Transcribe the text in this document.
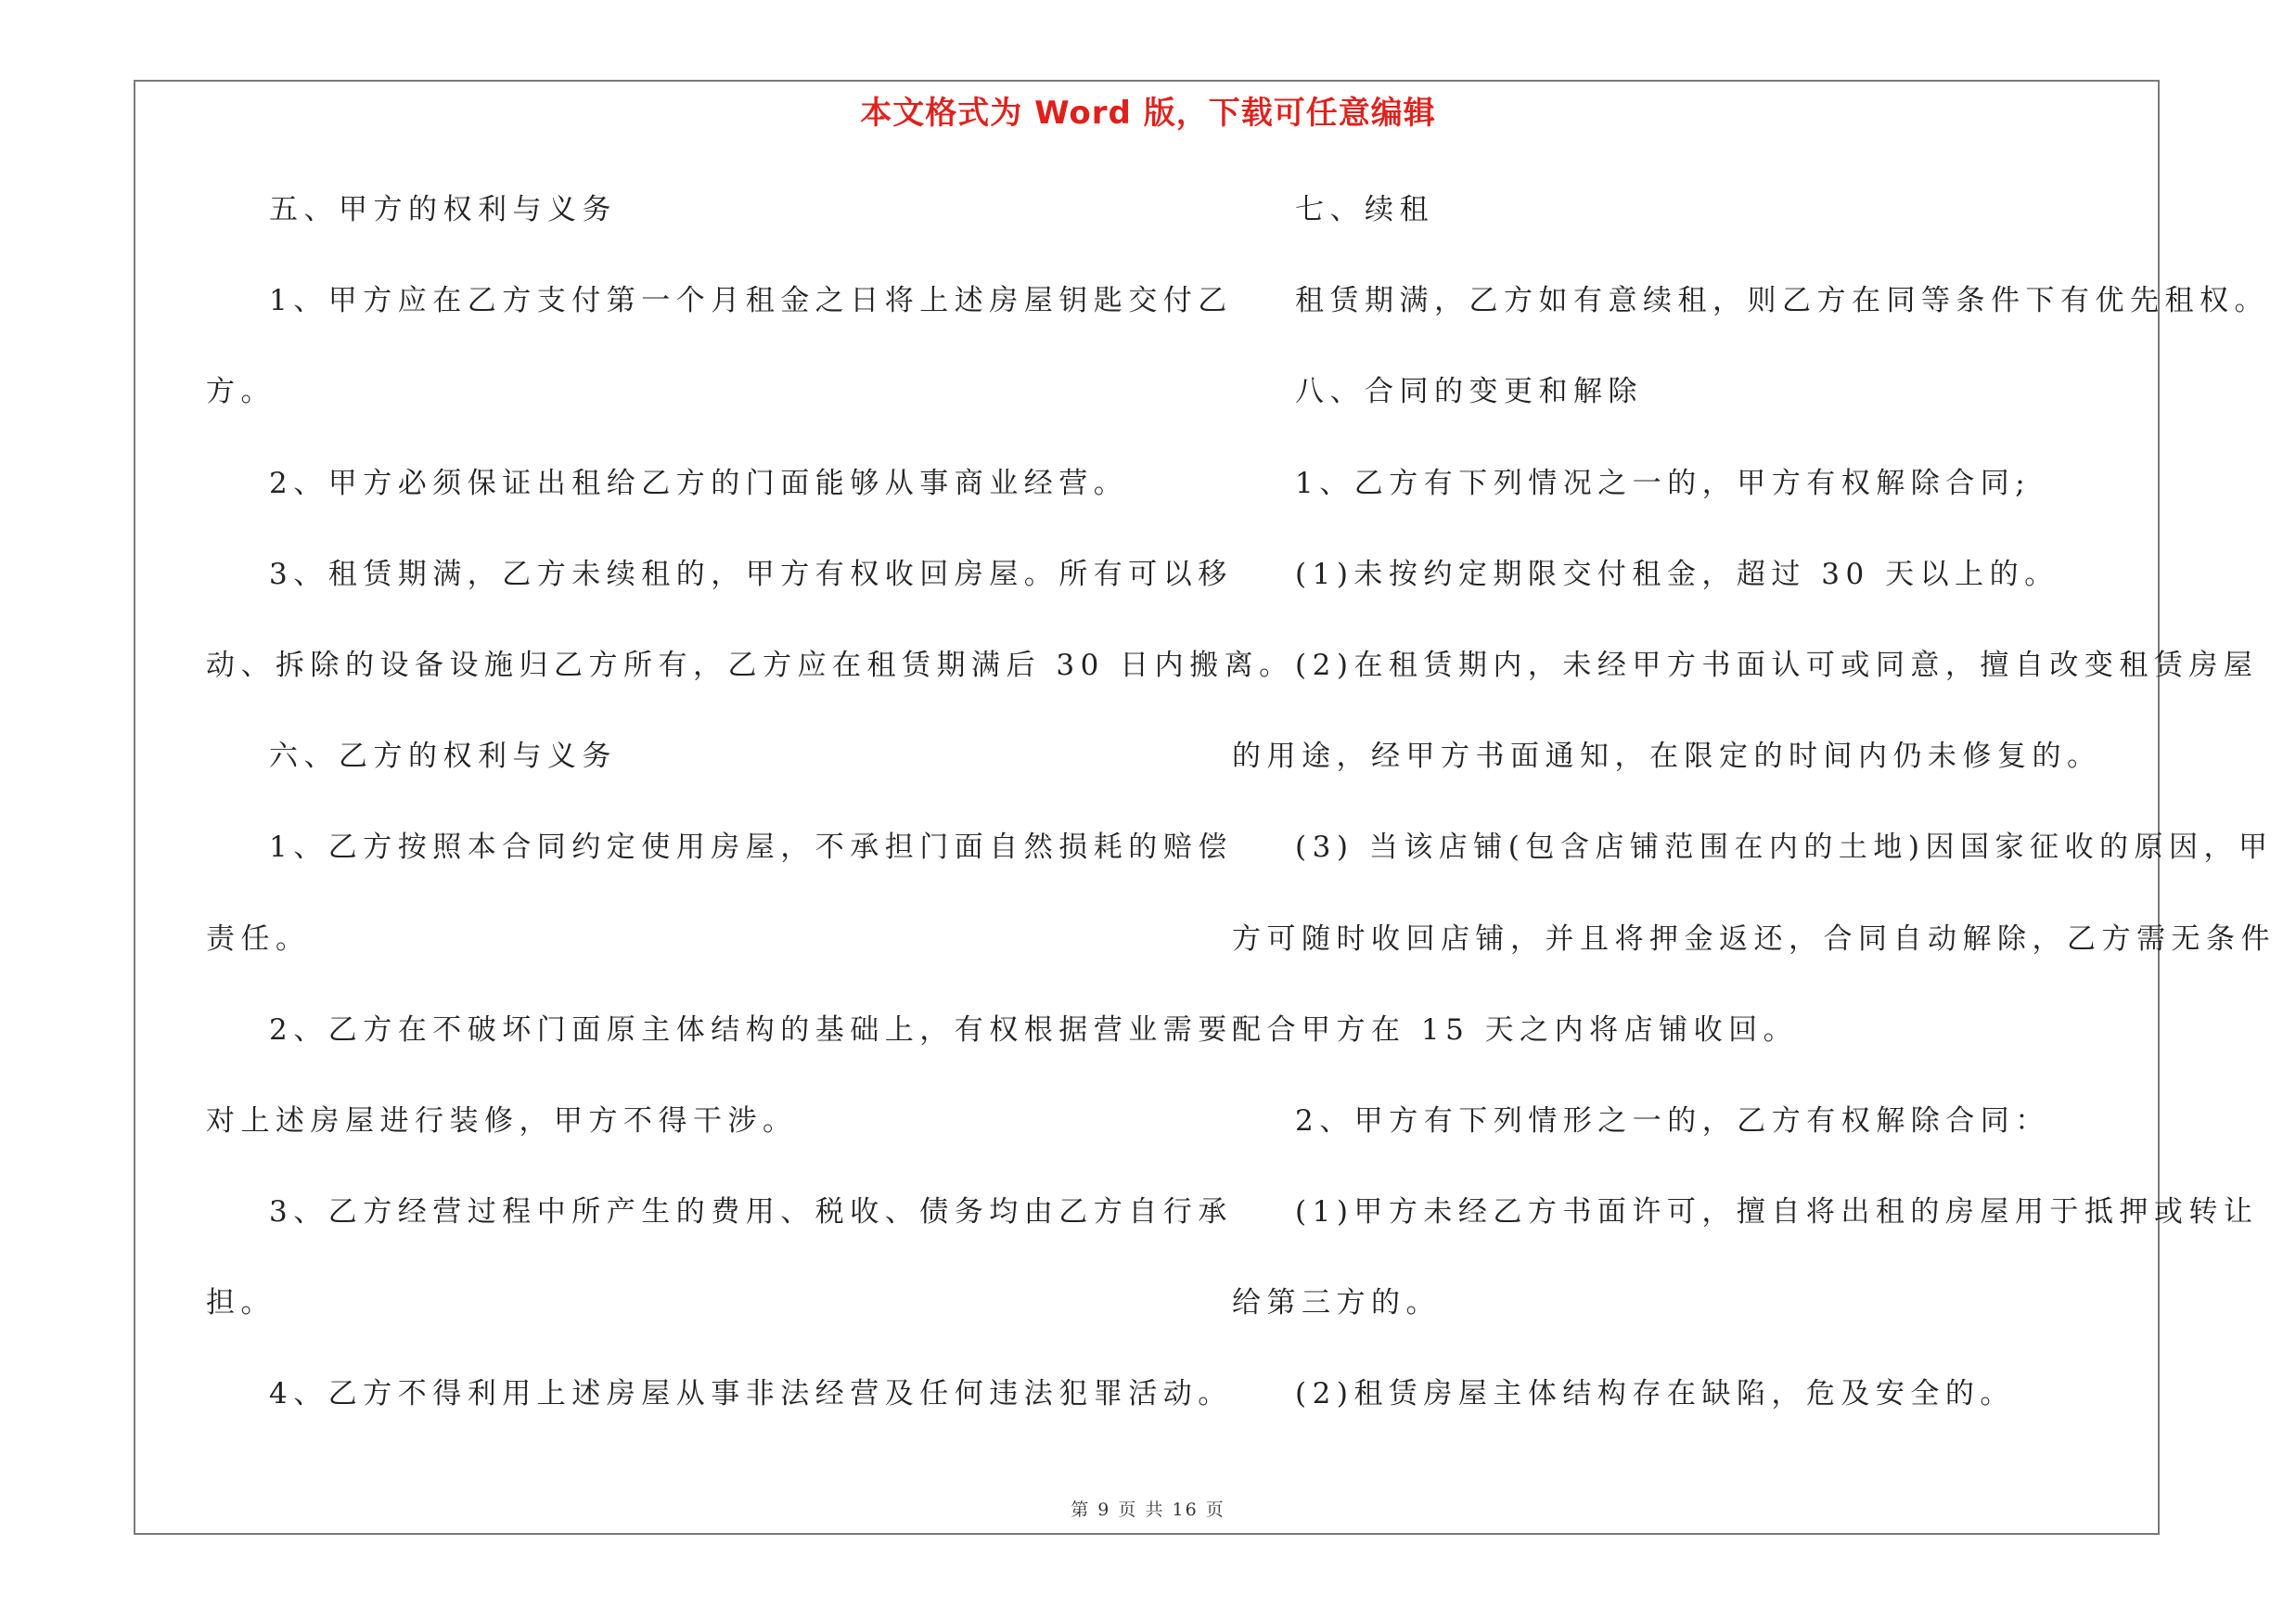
本文格式为 Word 版，下载可任意编辑
五、甲方的权利与义务
1、甲方应在乙方支付第一个月租金之日将上述房屋钥匙交付乙
方。
2、甲方必须保证出租给乙方的门面能够从事商业经营。
3、租赁期满，乙方未续租的，甲方有权收回房屋。所有可以移
动、拆除的设备设施归乙方所有，乙方应在租赁期满后 30 日内搬离。
六、乙方的权利与义务
1、乙方按照本合同约定使用房屋，不承担门面自然损耗的赔偿
责任。
2、乙方在不破坏门面原主体结构的基础上，有权根据营业需要
对上述房屋进行装修，甲方不得干涉。
3、乙方经营过程中所产生的费用、税收、债务均由乙方自行承
担。
4、乙方不得利用上述房屋从事非法经营及任何违法犯罪活动。
七、续租
租赁期满，乙方如有意续租，则乙方在同等条件下有优先租权。
八、合同的变更和解除
1、乙方有下列情况之一的，甲方有权解除合同;
(1)未按约定期限交付租金，超过 30 天以上的。
(2)在租赁期内，未经甲方书面认可或同意，擅自改变租赁房屋
的用途，经甲方书面通知，在限定的时间内仍未修复的。
(3) 当该店铺(包含店铺范围在内的土地)因国家征收的原因，甲
方可随时收回店铺，并且将押金返还，合同自动解除，乙方需无条件
配合甲方在 15 天之内将店铺收回。
2、甲方有下列情形之一的，乙方有权解除合同：
(1)甲方未经乙方书面许可，擅自将出租的房屋用于抵押或转让
给第三方的。
(2)租赁房屋主体结构存在缺陷，危及安全的。
第 9 页 共 16 页
